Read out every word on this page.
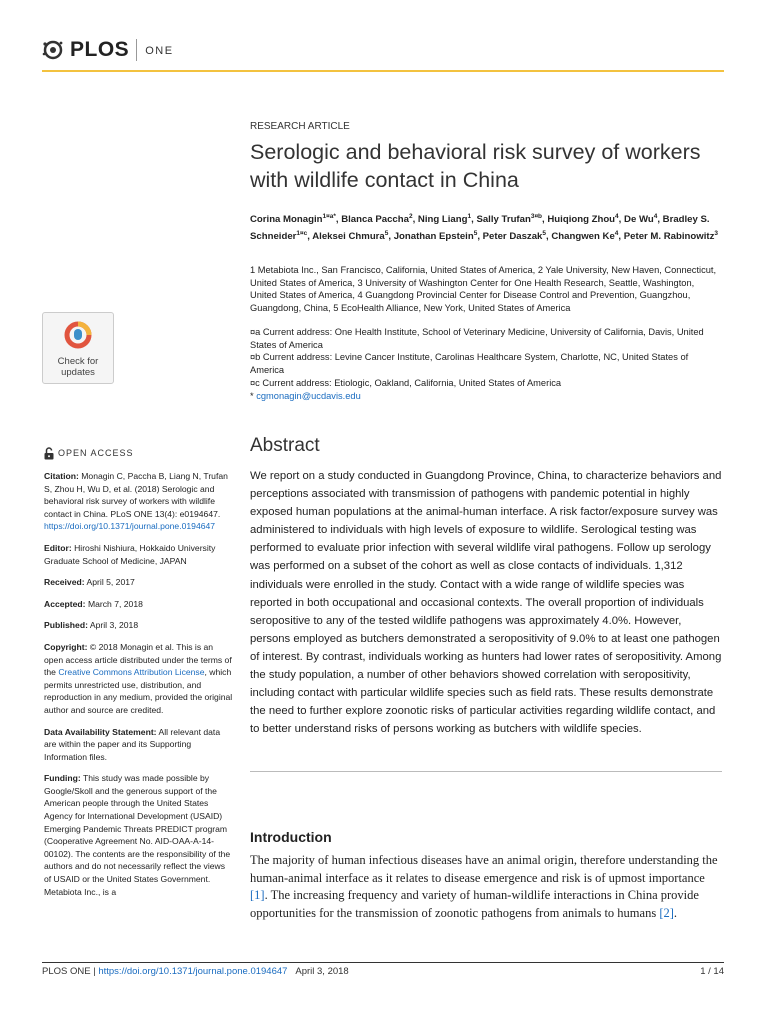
PLOS ONE
Check for
updates
RESEARCH ARTICLE
Serologic and behavioral risk survey of workers with wildlife contact in China
Corina Monagin$^{1¤a*}$, Blanca Paccha$^2$, Ning Liang$^1$, Sally Trufan$^{3¤b}$, Huiqiong Zhou$^4$, De Wu$^4$, Bradley S. Schneider$^{1¤c}$, Aleksei Chmura$^5$, Jonathan Epstein$^5$, Peter Daszak$^5$, Changwen Ke$^4$, Peter M. Rabinowitz$^3$
1 Metabiota Inc., San Francisco, California, United States of America, 2 Yale University, New Haven, Connecticut, United States of America, 3 University of Washington Center for One Health Research, Seattle, Washington, United States of America, 4 Guangdong Provincial Center for Disease Control and Prevention, Guangzhou, Guangdong, China, 5 EcoHealth Alliance, New York, United States of America
¤a Current address: One Health Institute, School of Veterinary Medicine, University of California, Davis, United States of America
¤b Current address: Levine Cancer Institute, Carolinas Healthcare System, Charlotte, NC, United States of America
¤c Current address: Etiologic, Oakland, California, United States of America
* cgmonagin@ucdavis.edu
OPEN ACCESS
Citation: Monagin C, Paccha B, Liang N, Trufan S, Zhou H, Wu D, et al. (2018) Serologic and behavioral risk survey of workers with wildlife contact in China. PLoS ONE 13(4): e0194647. https://doi.org/10.1371/journal.pone.0194647
Editor: Hiroshi Nishiura, Hokkaido University Graduate School of Medicine, JAPAN
Received: April 5, 2017
Accepted: March 7, 2018
Published: April 3, 2018
Copyright: © 2018 Monagin et al. This is an open access article distributed under the terms of the Creative Commons Attribution License, which permits unrestricted use, distribution, and reproduction in any medium, provided the original author and source are credited.
Data Availability Statement: All relevant data are within the paper and its Supporting Information files.
Funding: This study was made possible by Google/Skoll and the generous support of the American people through the United States Agency for International Development (USAID) Emerging Pandemic Threats PREDICT program (Cooperative Agreement No. AID-OAA-A-14-00102). The contents are the responsibility of the authors and do not necessarily reflect the views of USAID or the United States Government. Metabiota Inc., is a
Abstract

We report on a study conducted in Guangdong Province, China, to characterize behaviors and perceptions associated with transmission of pathogens with pandemic potential in highly exposed human populations at the animal-human interface. A risk factor/exposure survey was administered to individuals with high levels of exposure to wildlife. Serological testing was performed to evaluate prior infection with several wildlife viral pathogens. Follow up serology was performed on a subset of the cohort as well as close contacts of individuals. 1,312 individuals were enrolled in the study. Contact with a wide range of wildlife species was reported in both occupational and occasional contexts. The overall proportion of individuals seropositive to any of the tested wildlife pathogens was approximately 4.0%. However, persons employed as butchers demonstrated a seropositivity of 9.0% to at least one pathogen of interest. By contrast, individuals working as hunters had lower rates of seropositivity. Among the study population, a number of other behaviors showed correlation with seropositivity, including contact with particular wildlife species such as field rats. These results demonstrate the need to further explore zoonotic risks of particular activities regarding wildlife contact, and to better understand risks of persons working as butchers with wildlife species.

Introduction

The majority of human infectious diseases have an animal origin, therefore understanding the human-animal interface as it relates to disease emergence and risk is of upmost importance [1]. The increasing frequency and variety of human-wildlife interactions in China provide opportunities for the transmission of zoonotic pathogens from animals to humans [2].

PLOS ONE | https://doi.org/10.1371/journal.pone.0194647 April 3, 2018	1 / 14
